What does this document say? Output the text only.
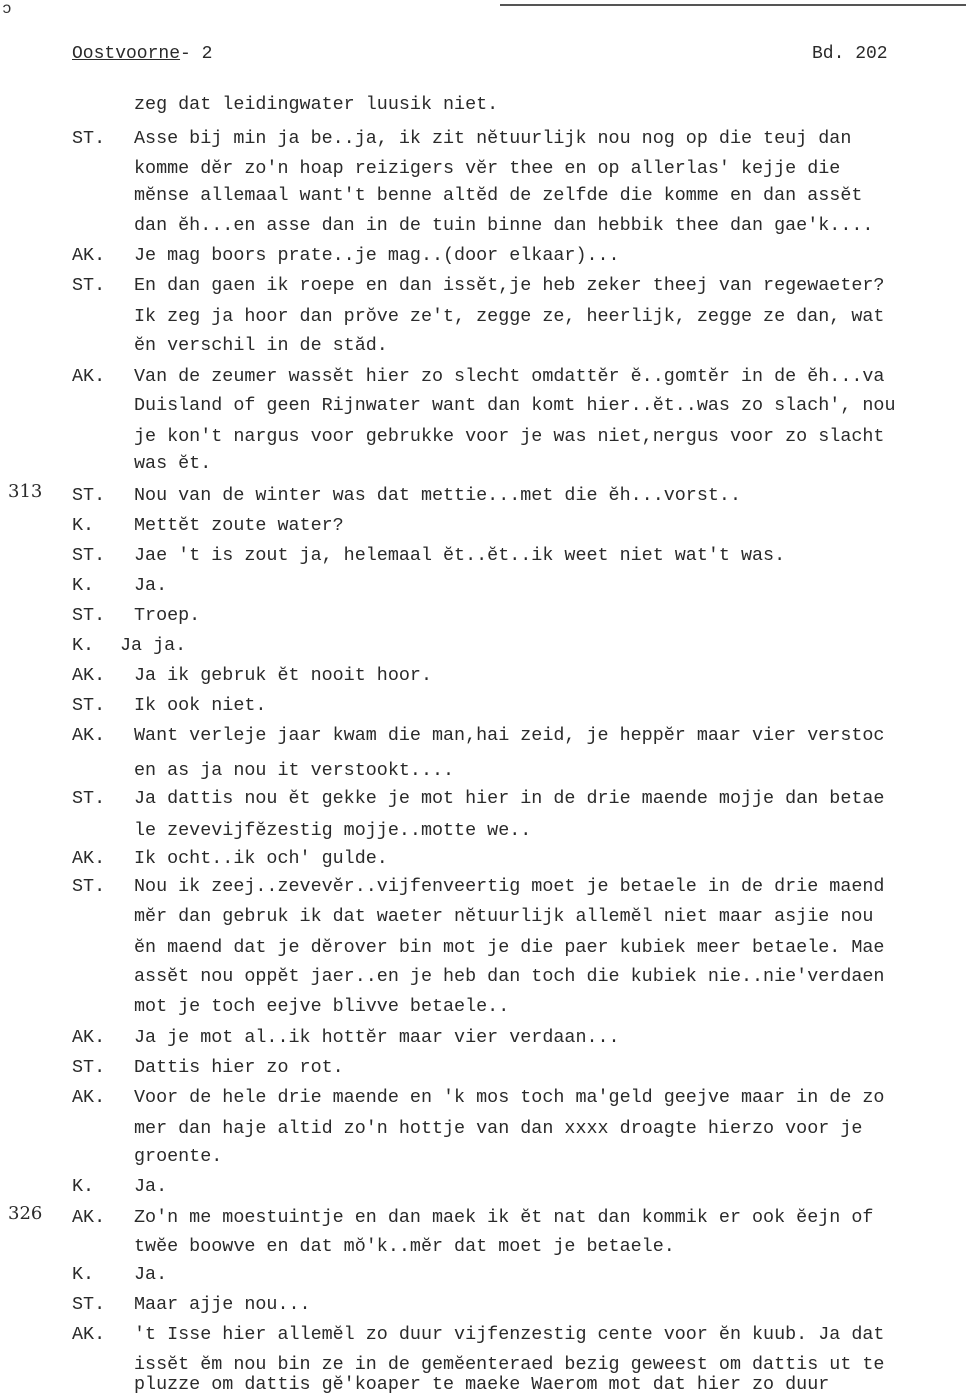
ɔ
Oostvoorne- 2	Bd. 202
zeg dat leidingwater luusik niet.
ST.	Asse bij min ja be..ja, ik zit nĕtuurlijk nou nog op die teuj dan
komme dĕr zo'n hoap reizigers vĕr thee en op allerlas' kejje die
mĕnse allemaal want't benne altĕd de zelfde die komme en dan assĕt
dan ĕh...en asse dan in de tuin binne dan hebbik thee dan gae'k....
AK.	Je mag boors prate..je mag..(door elkaar)...
ST.	En dan gaen ik roepe en dan issĕt,je heb zeker theej van regewaeter?
Ik zeg ja hoor dan prŏve ze't, zegge ze, heerlijk, zegge ze dan, wat
ĕn verschil in de stăd.
AK.	Van de zeumer wassĕt hier zo slecht omdattĕr ĕ..gomtĕr in de ĕh...va
Duisland of geen Rijnwater want dan komt hier..ĕt..was zo slach', nou
je kon't nargus voor gebrukke voor je was niet,nergus voor zo slacht
was ĕt.
313 ST.	Nou van de winter was dat mettie...met die ĕh...vorst..
K.	Mettĕt zoute water?
ST.	Jae 't is zout ja, helemaal ĕt..ĕt..ik weet niet wat't was.
K.	Ja.
ST.	Troep.
K.	Ja ja.
AK.	Ja ik gebruk ĕt nooit hoor.
ST.	Ik ook niet.
AK.	Want verleje jaar kwam die man,hai zeid, je heppĕr maar vier verstoc
en as ja nou it verstookt....
ST.	Ja dattis nou ĕt gekke je mot hier in de drie maende mojje dan betae
le zevevijfĕzestig mojje..motte we..
AK.	Ik ocht..ik och' gulde.
ST.	Nou ik zeej..zevevĕr..vijfenveertig moet je betaele in de drie maend
mĕr dan gebruk ik dat waeter nĕtuurlijk allemĕl niet maar asjie nou
ĕn maend dat je dĕrover bin mot je die paer kubiek meer betaele. Mae
assĕt nou oppĕt jaer..en je heb dan toch die kubiek nie..nie'verdaen
mot je toch eejve blivve betaele..
AK.	Ja je mot al..ik hottĕr maar vier verdaan...
ST.	Dattis hier zo rot.
AK.	Voor de hele drie maende en 'k mos toch ma'geld geejve maar in de zo
mer dan haje altid zo'n hottje van dan xxxx droagte hierzo voor je
groente.
K.	Ja.
326 AK.	Zo'n me moestuintje en dan maek ik ĕt nat dan kommik er ook ĕejn of
twĕe boowve en dat mŏ'k..mĕr dat moet je betaele.
K.	Ja.
ST.	Maar ajje nou...
AK.	't Isse hier allemĕl zo duur vijfenzestig cente voor ĕn kuub. Ja dat
issĕt ĕm nou bin ze in de gemĕenteraed bezig geweest om dattis ut te
pluzze om dattis gĕ'koaper te maeke Waerom mot dat hier zo duur
